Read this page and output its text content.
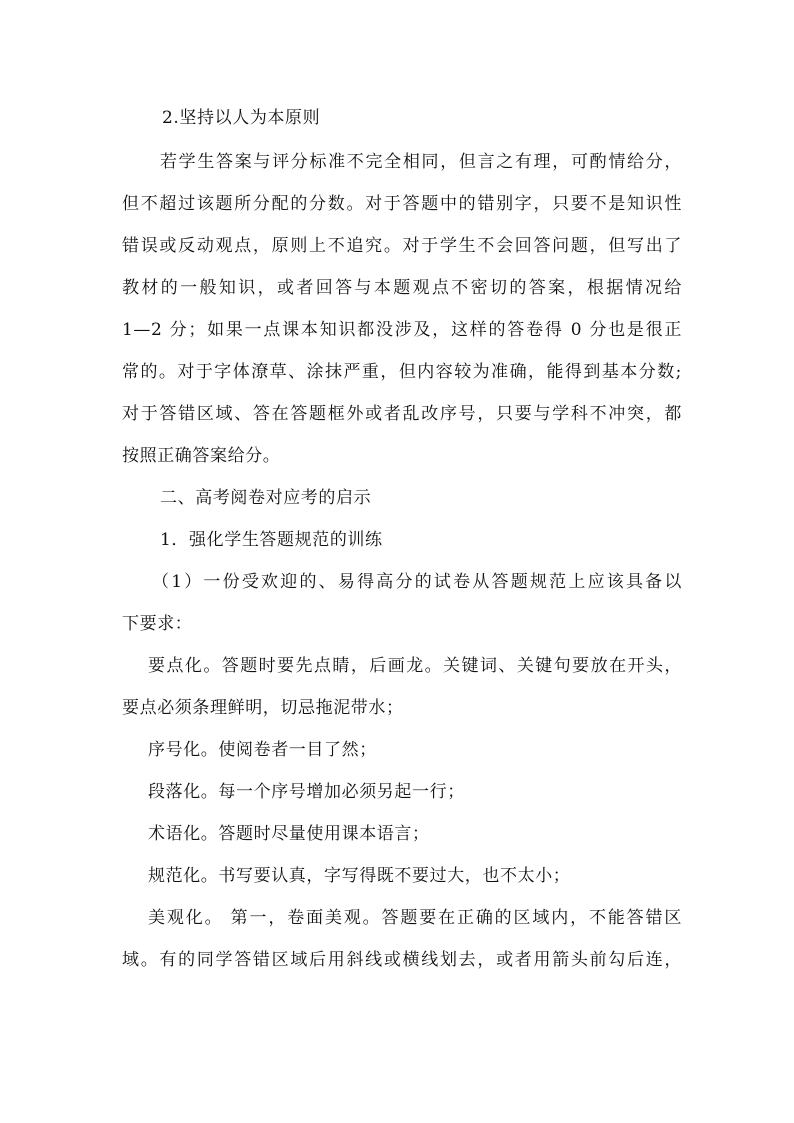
2.坚持以人为本原则
若学生答案与评分标准不完全相同，但言之有理，可酌情给分，
但不超过该题所分配的分数。对于答题中的错别字，只要不是知识性
错误或反动观点，原则上不追究。对于学生不会回答问题，但写出了
教材的一般知识，或者回答与本题观点不密切的答案，根据情况给
1—2 分；如果一点课本知识都没涉及，这样的答卷得 0 分也是很正
常的。对于字体潦草、涂抹严重，但内容较为准确，能得到基本分数;
对于答错区域、答在答题框外或者乱改序号，只要与学科不冲突，都
按照正确答案给分。
二、高考阅卷对应考的启示
1．强化学生答题规范的训练
（1）一份受欢迎的、易得高分的试卷从答题规范上应该具备以
下要求：
要点化。答题时要先点睛，后画龙。关键词、关键句要放在开头，
要点必须条理鲜明，切忌拖泥带水；
序号化。使阅卷者一目了然；
段落化。每一个序号增加必须另起一行；
术语化。答题时尽量使用课本语言；
规范化。书写要认真，字写得既不要过大，也不太小；
美观化。 第一，卷面美观。答题要在正确的区域内，不能答错区
域。有的同学答错区域后用斜线或横线划去，或者用箭头前勾后连，
